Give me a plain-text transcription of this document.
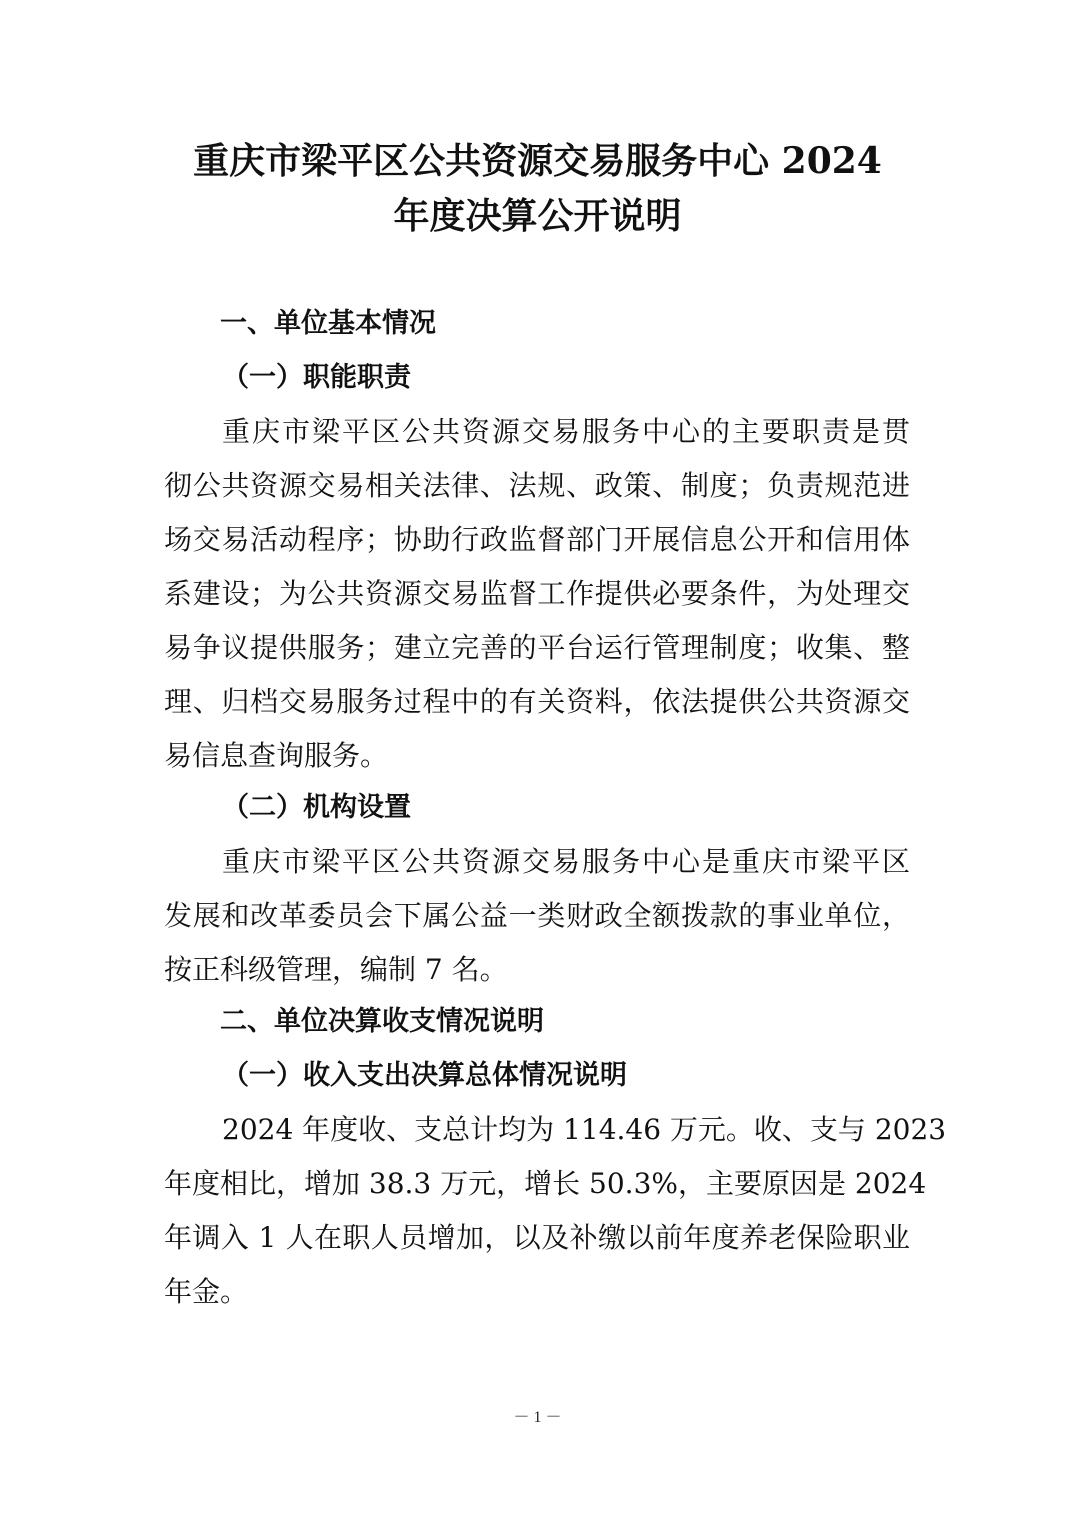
重庆市梁平区公共资源交易服务中心 2024
年度决算公开说明
一、单位基本情况
（一）职能职责
重庆市梁平区公共资源交易服务中心的主要职责是贯
彻公共资源交易相关法律、法规、政策、制度；负责规范进
场交易活动程序；协助行政监督部门开展信息公开和信用体
系建设；为公共资源交易监督工作提供必要条件，为处理交
易争议提供服务；建立完善的平台运行管理制度；收集、整
理、归档交易服务过程中的有关资料，依法提供公共资源交
易信息查询服务。
（二）机构设置
重庆市梁平区公共资源交易服务中心是重庆市梁平区
发展和改革委员会下属公益一类财政全额拨款的事业单位，
按正科级管理，编制 7 名。
二、单位决算收支情况说明
（一）收入支出决算总体情况说明
2024 年度收、支总计均为 114.46 万元。收、支与 2023
年度相比，增加 38.3 万元，增长 50.3%，主要原因是 2024
年调入 1 人在职人员增加，以及补缴以前年度养老保险职业
年金。
－ 1 －
